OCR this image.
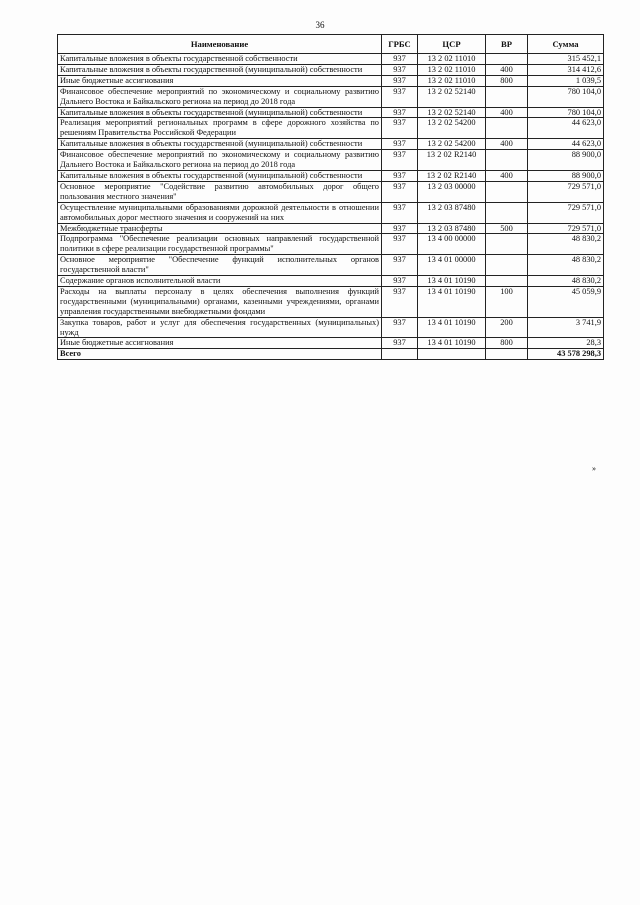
36
Наименование	ГРБС	ЦСР	ВР	Сумма
Капитальные вложения в объекты государственной собственности	937	13 2 02 11010		315 452,1
Капитальные вложения в объекты государственной (муниципальной) собственности	937	13 2 02 11010	400	314 412,6
Иные бюджетные ассигнования	937	13 2 02 11010	800	1 039,5
Финансовое обеспечение мероприятий по экономическому и социальному развитию Дальнего Востока и Байкальского региона на период до 2018 года	937	13 2 02 52140		780 104,0
Капитальные вложения в объекты государственной (муниципальной) собственности	937	13 2 02 52140	400	780 104,0
Реализация мероприятий региональных программ в сфере дорожного хозяйства по решениям Правительства Российской Федерации	937	13 2 02 54200		44 623,0
Капитальные вложения в объекты государственной (муниципальной) собственности	937	13 2 02 54200	400	44 623,0
Финансовое обеспечение мероприятий по экономическому и социальному развитию Дальнего Востока и Байкальского региона на период до 2018 года	937	13 2 02 R2140		88 900,0
Капитальные вложения в объекты государственной (муниципальной) собственности	937	13 2 02 R2140	400	88 900,0
Основное мероприятие "Содействие развитию автомобильных дорог общего пользования местного значения"	937	13 2 03 00000		729 571,0
Осуществление муниципальными образованиями дорожной деятельности в отношении автомобильных дорог местного значения и сооружений на них	937	13 2 03 87480		729 571,0
Межбюджетные трансферты	937	13 2 03 87480	500	729 571,0
Подпрограмма "Обеспечение реализации основных направлений государственной политики в сфере реализации государственной программы"	937	13 4 00 00000		48 830,2
Основное мероприятие "Обеспечение функций исполнительных органов государственной власти"	937	13 4 01 00000		48 830,2
Содержание органов исполнительной власти	937	13 4 01 10190		48 830,2
Расходы на выплаты персоналу в целях обеспечения выполнения функций государственными (муниципальными) органами, казенными учреждениями, органами управления государственными внебюджетными фондами	937	13 4 01 10190	100	45 059,9
Закупка товаров, работ и услуг для обеспечения государственных (муниципальных) нужд	937	13 4 01 10190	200	3 741,9
Иные бюджетные ассигнования	937	13 4 01 10190	800	28,3
Всего				43 578 298,3
»
